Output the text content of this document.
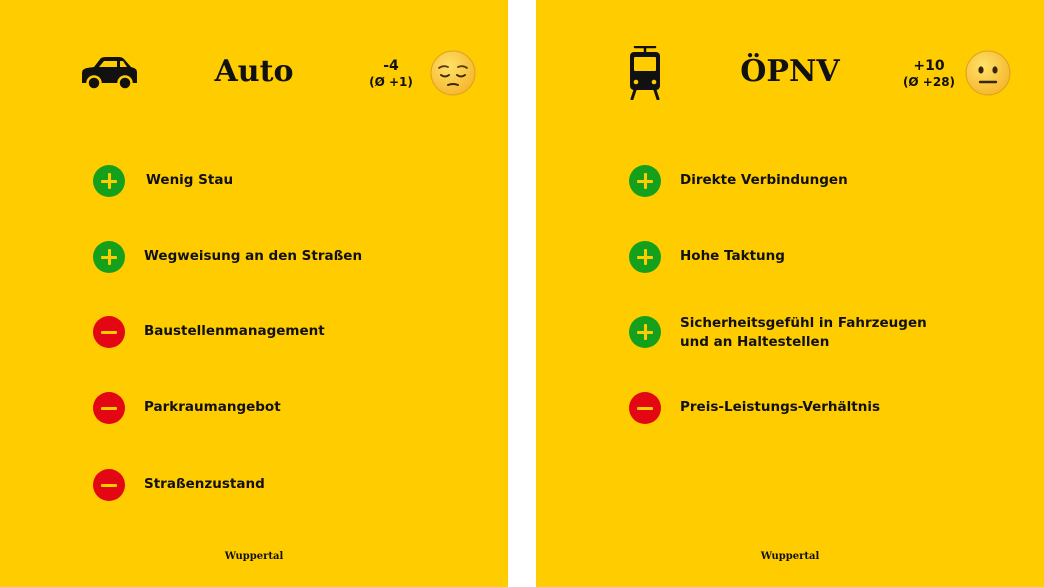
Auto	-4
(Ø +1)
Wenig Stau
Wegweisung an den Straßen
Baustellenmanagement
Parkraumangebot
Straßenzustand
Wuppertal
ÖPNV	+10
(Ø +28)
Direkte Verbindungen
Hohe Taktung
Sicherheitsgefühl in Fahrzeugen
und an Haltestellen
Preis-Leistungs-Verhältnis
Wuppertal
